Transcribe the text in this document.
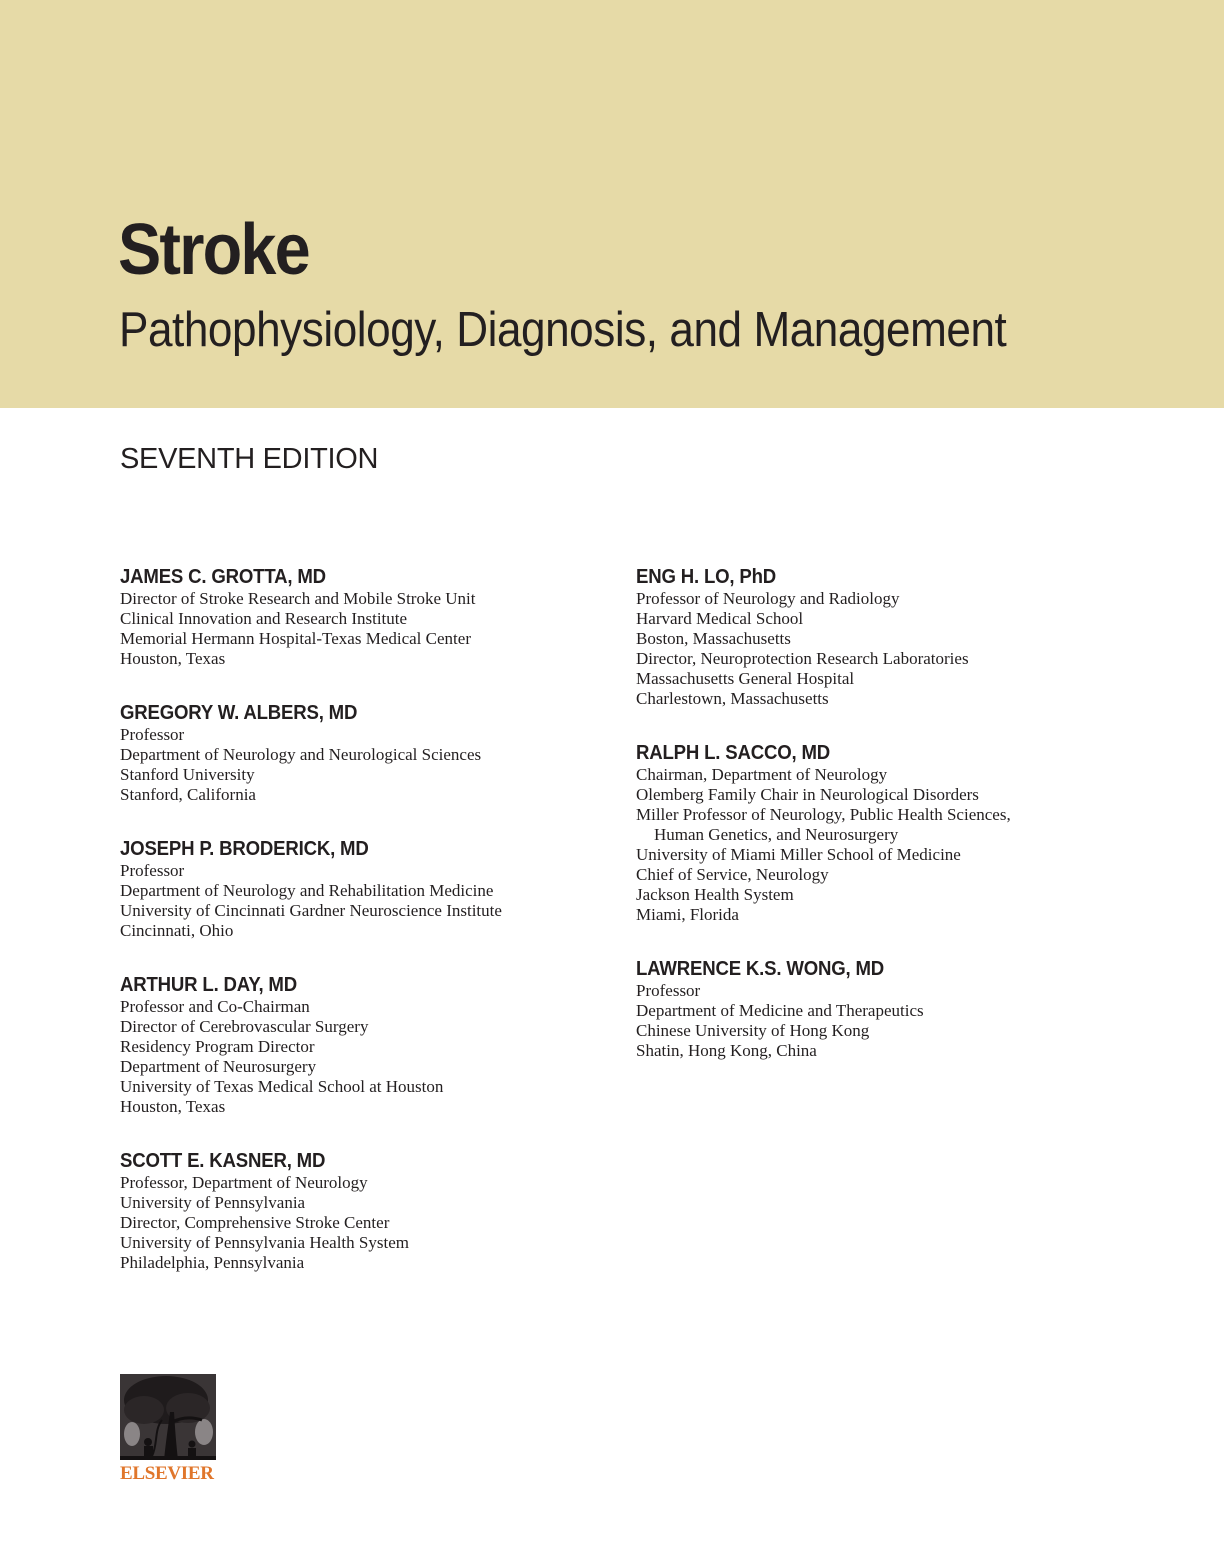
Stroke
Pathophysiology, Diagnosis, and Management
SEVENTH EDITION
JAMES C. GROTTA, MD
Director of Stroke Research and Mobile Stroke Unit
Clinical Innovation and Research Institute
Memorial Hermann Hospital-Texas Medical Center
Houston, Texas
GREGORY W. ALBERS, MD
Professor
Department of Neurology and Neurological Sciences
Stanford University
Stanford, California
JOSEPH P. BRODERICK, MD
Professor
Department of Neurology and Rehabilitation Medicine
University of Cincinnati Gardner Neuroscience Institute
Cincinnati, Ohio
ARTHUR L. DAY, MD
Professor and Co-Chairman
Director of Cerebrovascular Surgery
Residency Program Director
Department of Neurosurgery
University of Texas Medical School at Houston
Houston, Texas
SCOTT E. KASNER, MD
Professor, Department of Neurology
University of Pennsylvania
Director, Comprehensive Stroke Center
University of Pennsylvania Health System
Philadelphia, Pennsylvania
ENG H. LO, PhD
Professor of Neurology and Radiology
Harvard Medical School
Boston, Massachusetts
Director, Neuroprotection Research Laboratories
Massachusetts General Hospital
Charlestown, Massachusetts
RALPH L. SACCO, MD
Chairman, Department of Neurology
Olemberg Family Chair in Neurological Disorders
Miller Professor of Neurology, Public Health Sciences,
Human Genetics, and Neurosurgery
University of Miami Miller School of Medicine
Chief of Service, Neurology
Jackson Health System
Miami, Florida
LAWRENCE K.S. WONG, MD
Professor
Department of Medicine and Therapeutics
Chinese University of Hong Kong
Shatin, Hong Kong, China
ELSEVIER
